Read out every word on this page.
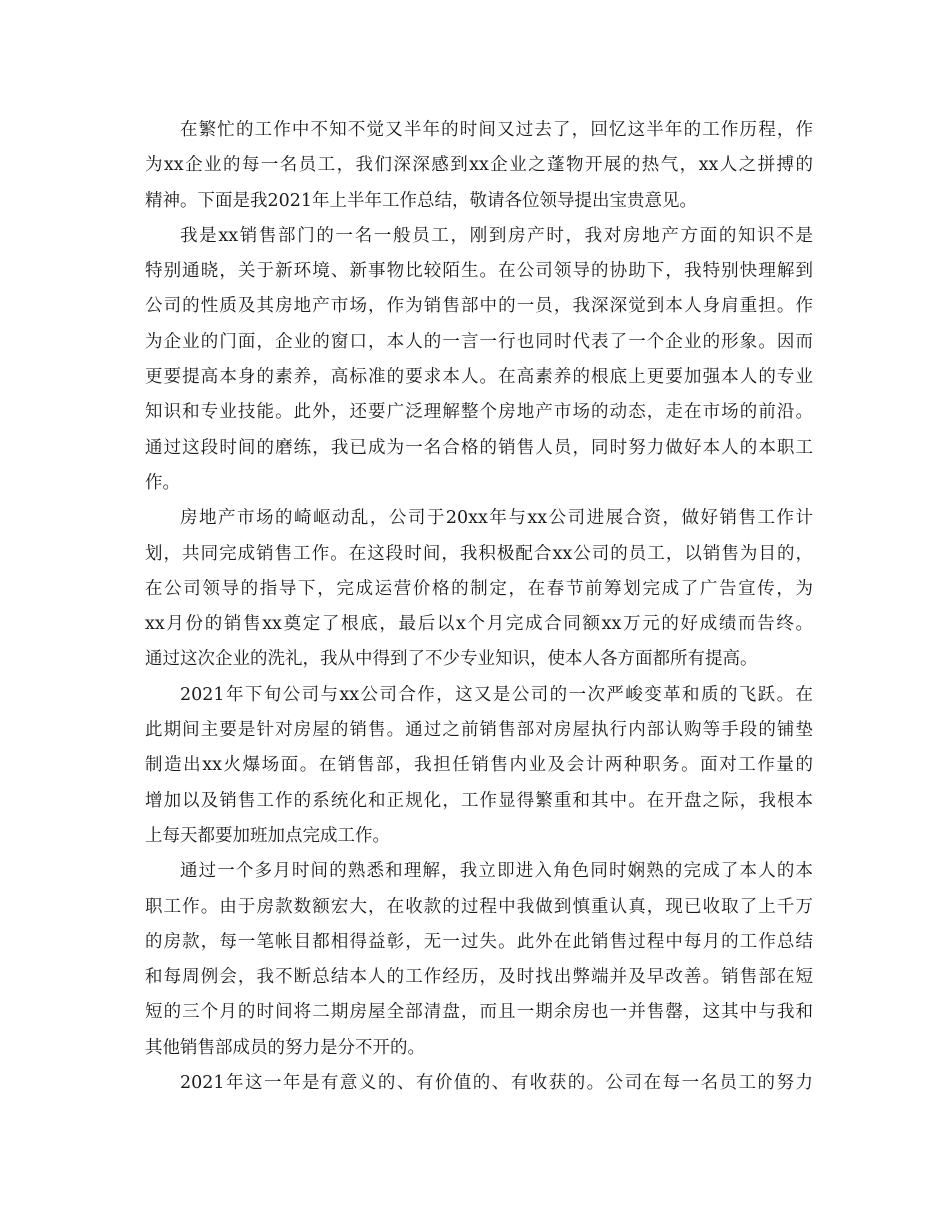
在繁忙的工作中不知不觉又半年的时间又过去了，回忆这半年的工作历程，作
为xx企业的每一名员工，我们深深感到xx企业之蓬物开展的热气，xx人之拼搏的
精神。下面是我2021年上半年工作总结，敬请各位领导提出宝贵意见。
我是xx销售部门的一名一般员工，刚到房产时，我对房地产方面的知识不是
特别通晓，关于新环境、新事物比较陌生。在公司领导的协助下，我特别快理解到
公司的性质及其房地产市场，作为销售部中的一员，我深深觉到本人身肩重担。作
为企业的门面，企业的窗口，本人的一言一行也同时代表了一个企业的形象。因而
更要提高本身的素养，高标准的要求本人。在高素养的根底上更要加强本人的专业
知识和专业技能。此外，还要广泛理解整个房地产市场的动态，走在市场的前沿。
通过这段时间的磨练，我已成为一名合格的销售人员，同时努力做好本人的本职工
作。
房地产市场的崎岖动乱，公司于20xx年与xx公司进展合资，做好销售工作计
划，共同完成销售工作。在这段时间，我积极配合xx公司的员工，以销售为目的，
在公司领导的指导下，完成运营价格的制定，在春节前筹划完成了广告宣传，为
xx月份的销售xx奠定了根底，最后以x个月完成合同额xx万元的好成绩而告终。
通过这次企业的洗礼，我从中得到了不少专业知识，使本人各方面都所有提高。
2021年下旬公司与xx公司合作，这又是公司的一次严峻变革和质的飞跃。在
此期间主要是针对房屋的销售。通过之前销售部对房屋执行内部认购等手段的铺垫
制造出xx火爆场面。在销售部，我担任销售内业及会计两种职务。面对工作量的
增加以及销售工作的系统化和正规化，工作显得繁重和其中。在开盘之际，我根本
上每天都要加班加点完成工作。
通过一个多月时间的熟悉和理解，我立即进入角色同时娴熟的完成了本人的本
职工作。由于房款数额宏大，在收款的过程中我做到慎重认真，现已收取了上千万
的房款，每一笔帐目都相得益彰，无一过失。此外在此销售过程中每月的工作总结
和每周例会，我不断总结本人的工作经历，及时找出弊端并及早改善。销售部在短
短的三个月的时间将二期房屋全部清盘，而且一期余房也一并售罄，这其中与我和
其他销售部成员的努力是分不开的。
2021年这一年是有意义的、有价值的、有收获的。公司在每一名员工的努力
